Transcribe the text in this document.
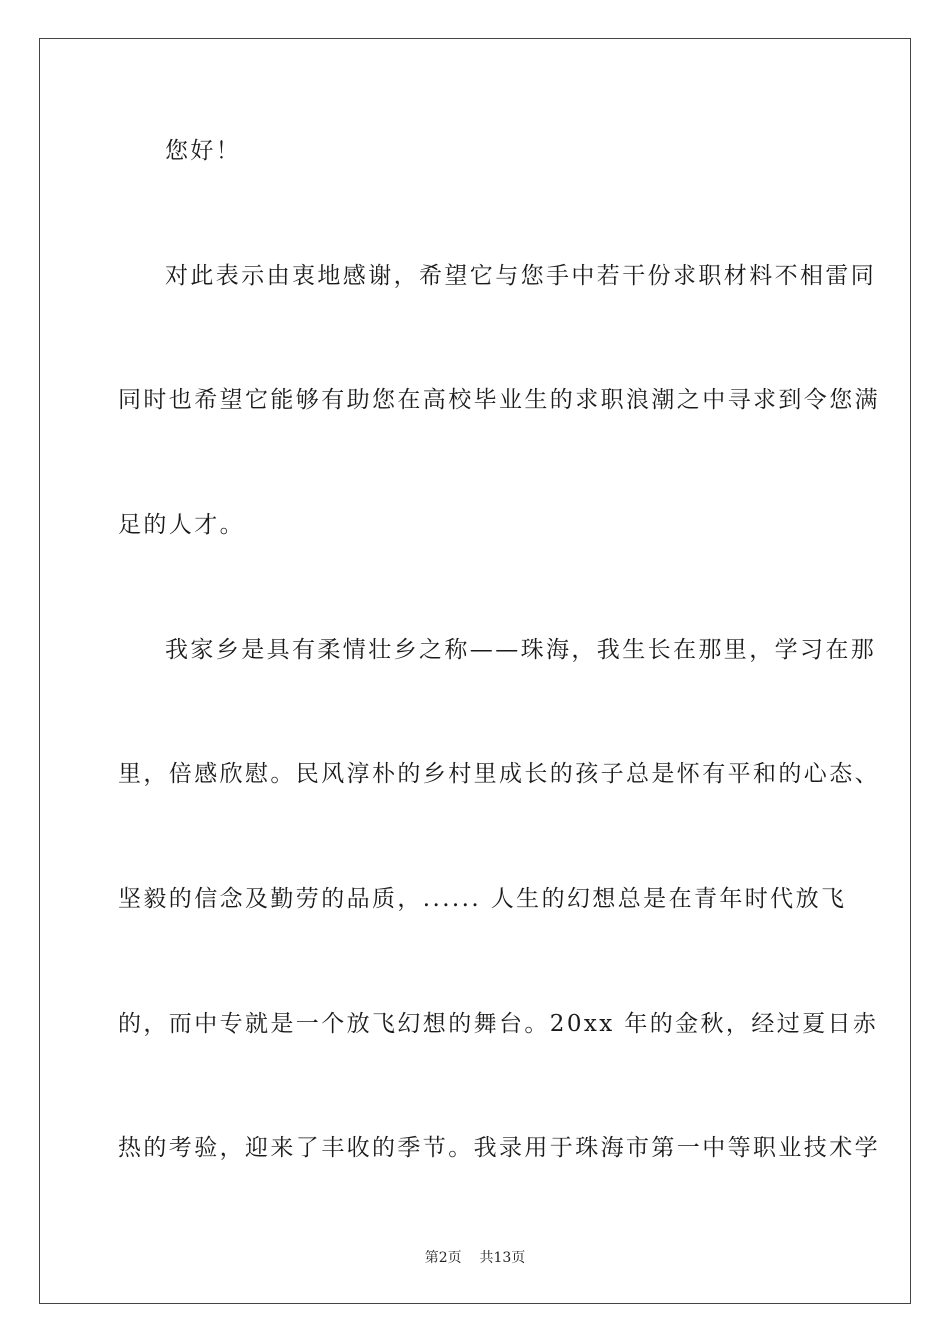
您好！
对此表示由衷地感谢，希望它与您手中若干份求职材料不相雷同
同时也希望它能够有助您在高校毕业生的求职浪潮之中寻求到令您满
足的人才。
我家乡是具有柔情壮乡之称——珠海，我生长在那里，学习在那
里，倍感欣慰。民风淳朴的乡村里成长的孩子总是怀有平和的心态、
坚毅的信念及勤劳的品质，...... 人生的幻想总是在青年时代放飞
的，而中专就是一个放飞幻想的舞台。20xx 年的金秋，经过夏日赤
热的考验，迎来了丰收的季节。我录用于珠海市第一中等职业技术学
第2页 共13页
